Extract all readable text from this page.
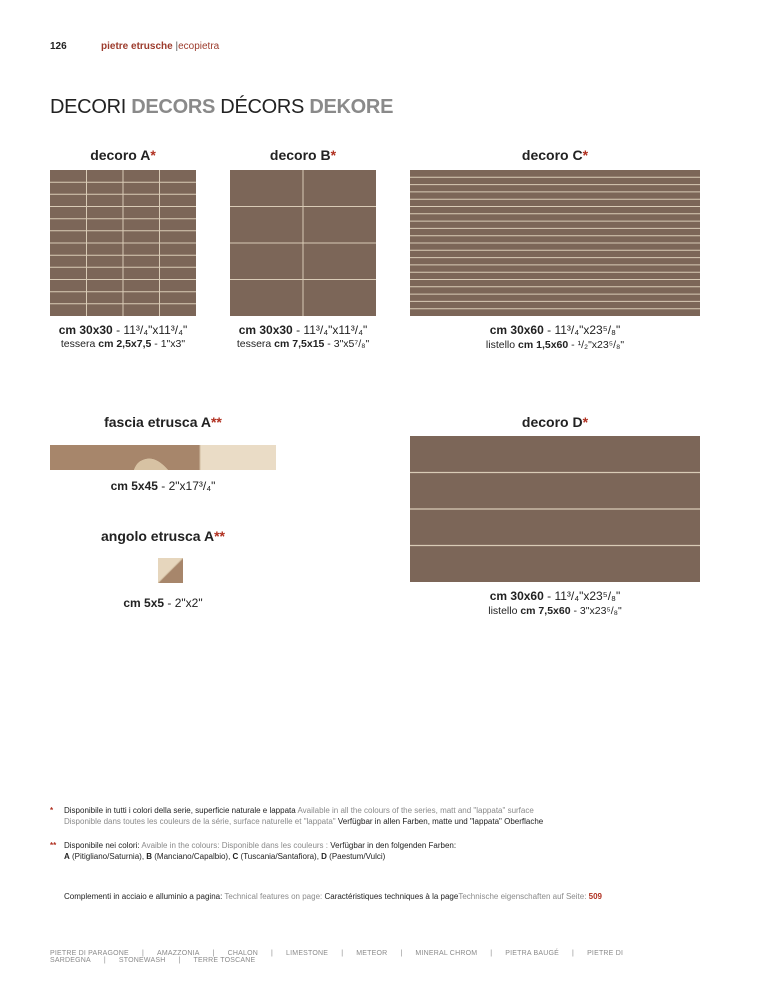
126	pietre etrusche |ecopietra
DECORI DECORS DÉCORS DEKORE
decoro A*
cm 30x30 - 11³/₄"x11³/₄"
tessera cm 2,5x7,5 - 1"x3"
decoro B*
cm 30x30 - 11³/₄"x11³/₄"
tessera cm 7,5x15 - 3"x5⁷/₈"
decoro C*
cm 30x60 - 11³/₄"x23⁵/₈"
listello cm 1,5x60 - ¹/₂"x23⁵/₈"
fascia etrusca A**
cm 5x45 - 2"x17³/₄"
angolo etrusca A**
cm 5x5 - 2"x2"
decoro D*
cm 30x60 - 11³/₄"x23⁵/₈"
listello cm 7,5x60 - 3"x23⁵/₈"
* Disponibile in tutti i colori della serie, superficie naturale e lappata Available in all the colours of the series, matt and "lappata" surface
Disponible dans toutes les couleurs de la série, surface naturelle et "lappata" Verfügbar in allen Farben, matte und "lappata" Oberflache
** Disponibile nei colori: Avaible in the colours: Disponible dans les couleurs : Verfügbar in den folgenden Farben:
A (Pitigliano/Saturnia), B (Manciano/Capalbio), C (Tuscania/Santafiora), D (Paestum/Vulci)
Complementi in acciaio e alluminio a pagina: Technical features on page: Caractéristiques techniques à la pageTechnische eigenschaften auf Seite: 509
PIETRE DI PARAGONE | AMAZZONIA | CHALON | LIMESTONE | METEOR | MINERAL CHROM | PIETRA BAUGÉ | PIETRE DI SARDEGNA | STONEWASH | TERRE TOSCANE
